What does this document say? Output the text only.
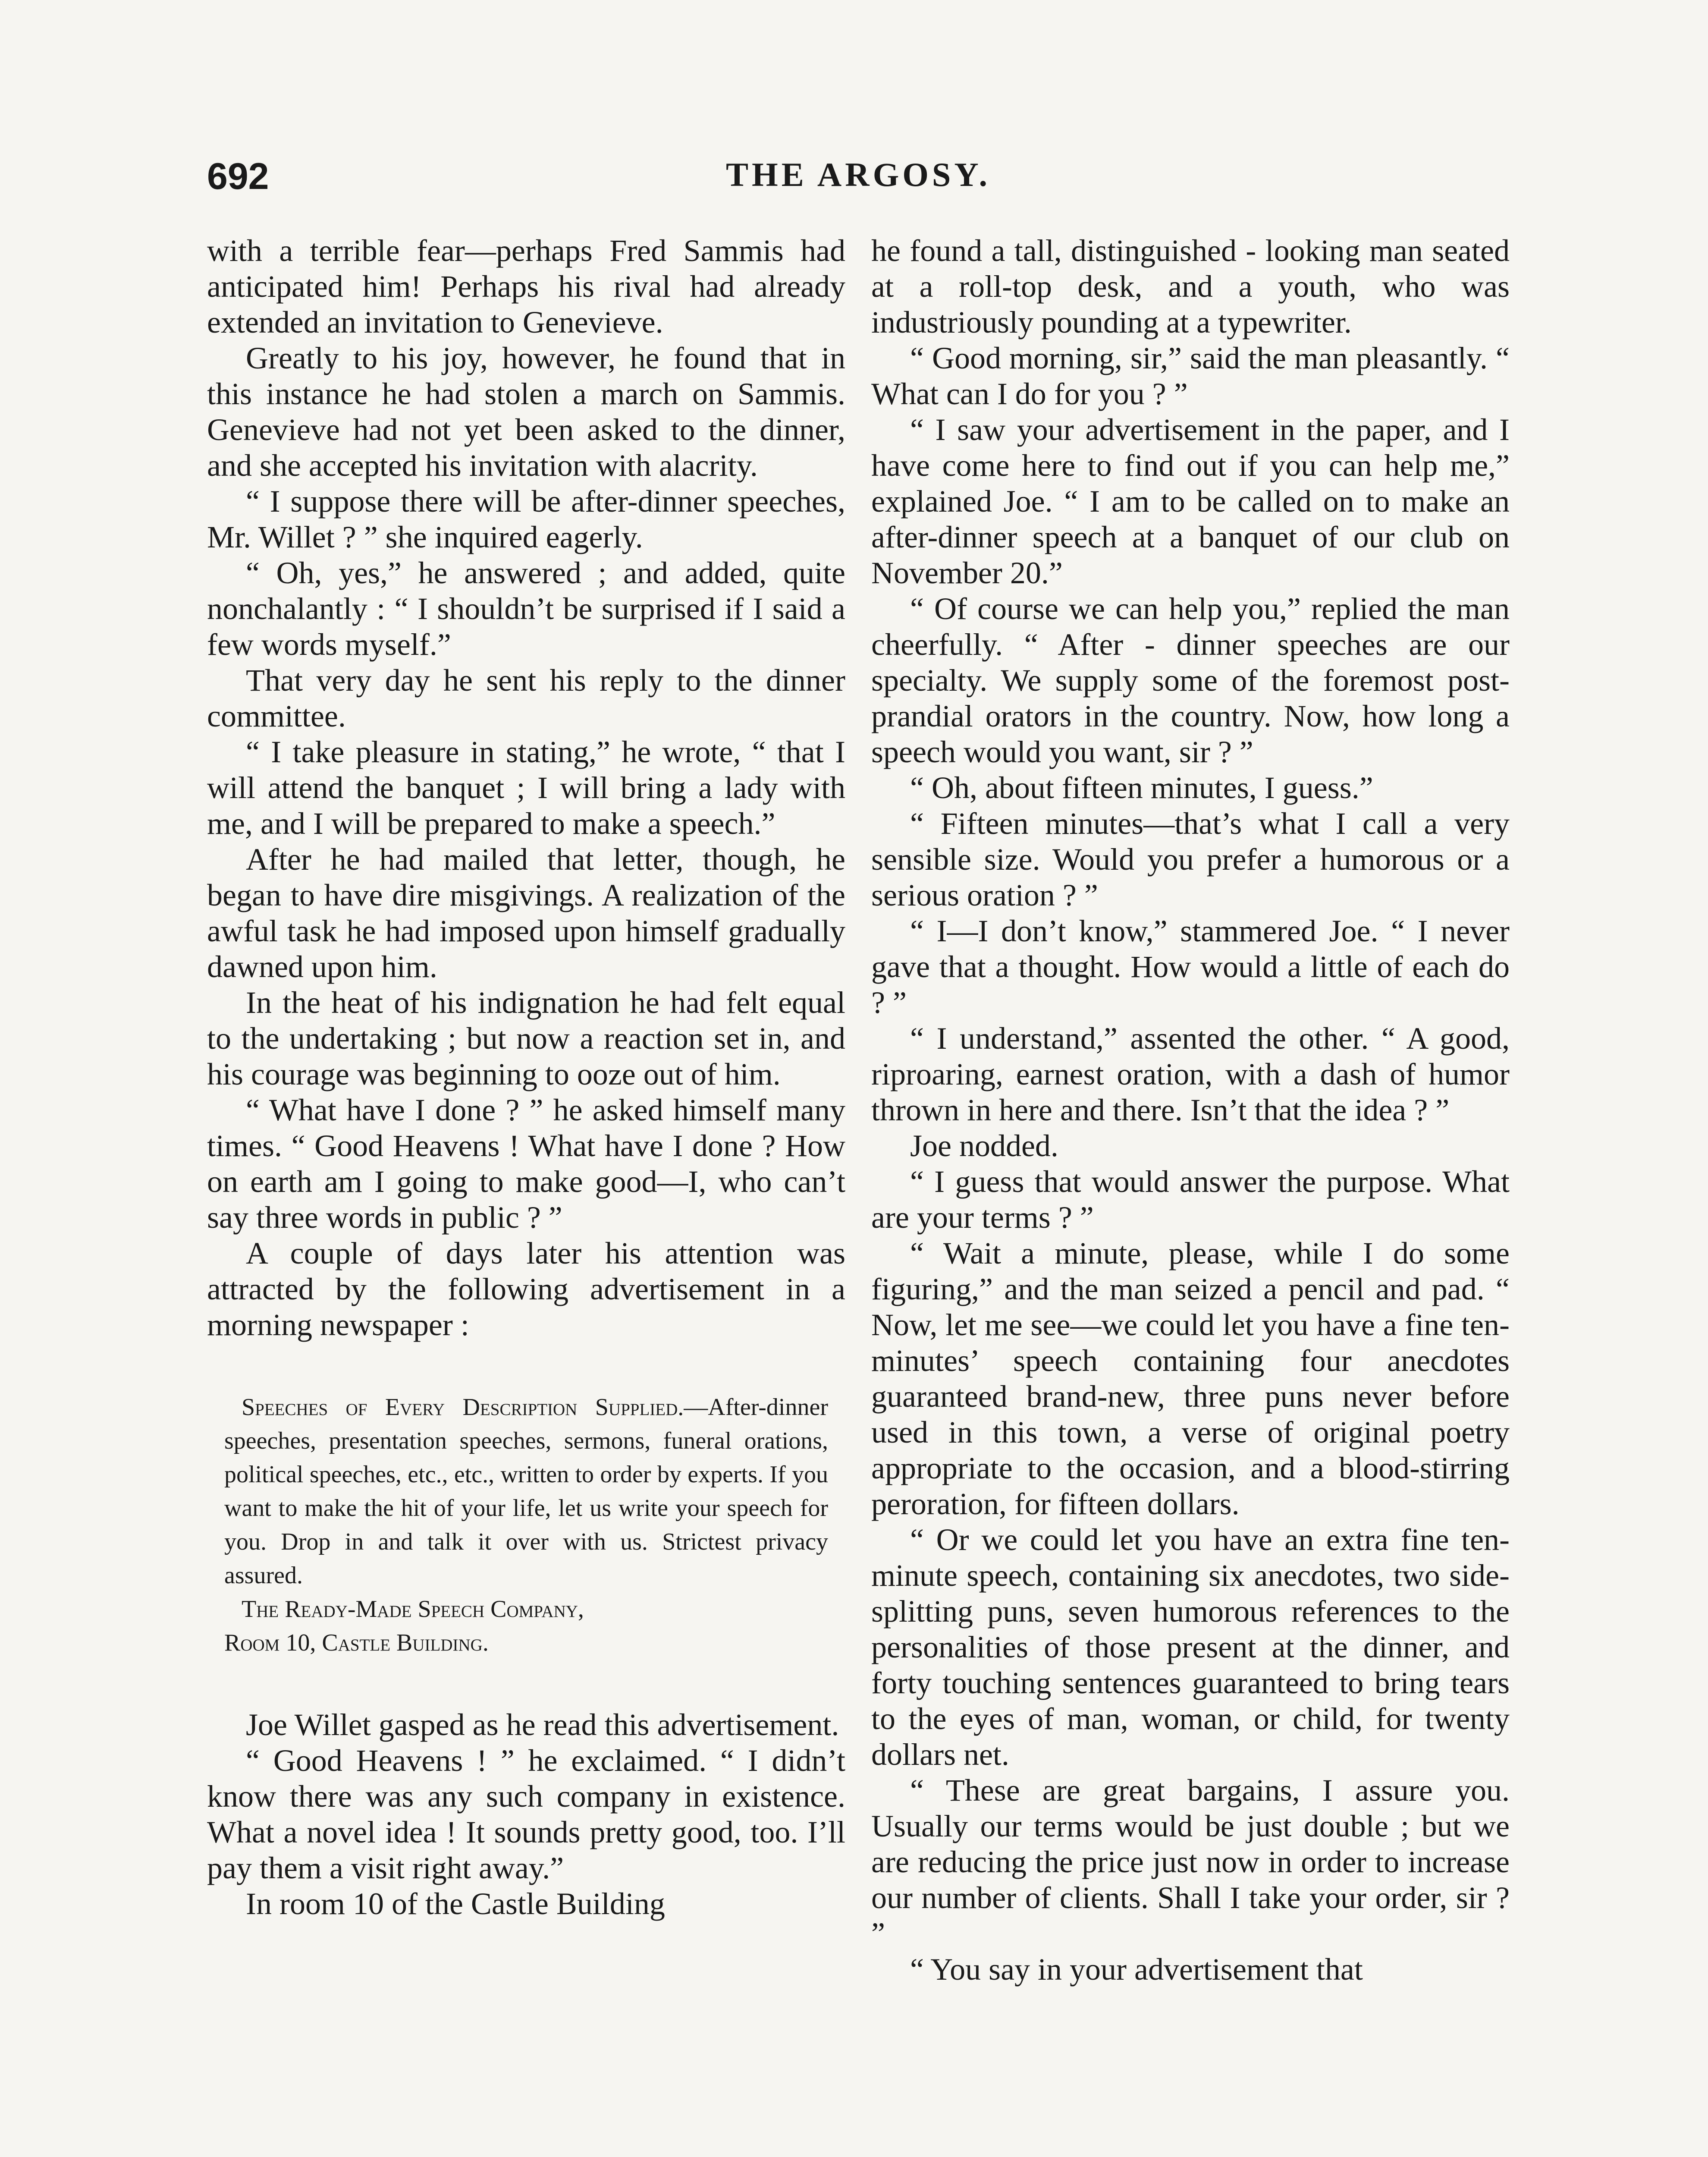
692	THE ARGOSY.

with a terrible fear—perhaps Fred Sammis had anticipated him! Perhaps his rival had already extended an invitation to Genevieve.

Greatly to his joy, however, he found that in this instance he had stolen a march on Sammis. Genevieve had not yet been asked to the dinner, and she accepted his invitation with alacrity.

“ I suppose there will be after-dinner speeches, Mr. Willet ? ” she inquired eagerly.

“ Oh, yes,” he answered ; and added, quite nonchalantly : “ I shouldn’t be surprised if I said a few words myself.”

That very day he sent his reply to the dinner committee.

“ I take pleasure in stating,” he wrote, “ that I will attend the banquet ; I will bring a lady with me, and I will be prepared to make a speech.”

After he had mailed that letter, though, he began to have dire misgivings. A realization of the awful task he had imposed upon himself gradually dawned upon him.

In the heat of his indignation he had felt equal to the undertaking ; but now a reaction set in, and his courage was beginning to ooze out of him.

“ What have I done ? ” he asked himself many times. “ Good Heavens ! What have I done ? How on earth am I going to make good—I, who can’t say three words in public ? ”

A couple of days later his attention was attracted by the following advertisement in a morning newspaper :

Speeches of Every Description Supplied.—After-dinner speeches, presentation speeches, sermons, funeral orations, political speeches, etc., etc., written to order by experts. If you want to make the hit of your life, let us write your speech for you. Drop in and talk it over with us. Strictest privacy assured.

The Ready-Made Speech Company,

Room 10, Castle Building.

Joe Willet gasped as he read this advertisement.

“ Good Heavens ! ” he exclaimed. “ I didn’t know there was any such company in existence. What a novel idea ! It sounds pretty good, too. I’ll pay them a visit right away.”

In room 10 of the Castle Building

he found a tall, distinguished - looking man seated at a roll-top desk, and a youth, who was industriously pounding at a typewriter.

“ Good morning, sir,” said the man pleasantly. “ What can I do for you ? ”

“ I saw your advertisement in the paper, and I have come here to find out if you can help me,” explained Joe. “ I am to be called on to make an after-dinner speech at a banquet of our club on November 20.”

“ Of course we can help you,” replied the man cheerfully. “ After - dinner speeches are our specialty. We supply some of the foremost post-prandial orators in the country. Now, how long a speech would you want, sir ? ”

“ Oh, about fifteen minutes, I guess.”

“ Fifteen minutes—that’s what I call a very sensible size. Would you prefer a humorous or a serious oration ? ”

“ I—I don’t know,” stammered Joe. “ I never gave that a thought. How would a little of each do ? ”

“ I understand,” assented the other. “ A good, riproaring, earnest oration, with a dash of humor thrown in here and there. Isn’t that the idea ? ”

Joe nodded.

“ I guess that would answer the purpose. What are your terms ? ”

“ Wait a minute, please, while I do some figuring,” and the man seized a pencil and pad. “ Now, let me see—we could let you have a fine ten-minutes’ speech containing four anecdotes guaranteed brand-new, three puns never before used in this town, a verse of original poetry appropriate to the occasion, and a blood-stirring peroration, for fifteen dollars.

“ Or we could let you have an extra fine ten-minute speech, containing six anecdotes, two side-splitting puns, seven humorous references to the personalities of those present at the dinner, and forty touching sentences guaranteed to bring tears to the eyes of man, woman, or child, for twenty dollars net.

“ These are great bargains, I assure you. Usually our terms would be just double ; but we are reducing the price just now in order to increase our number of clients. Shall I take your order, sir ? ”

“ You say in your advertisement that
